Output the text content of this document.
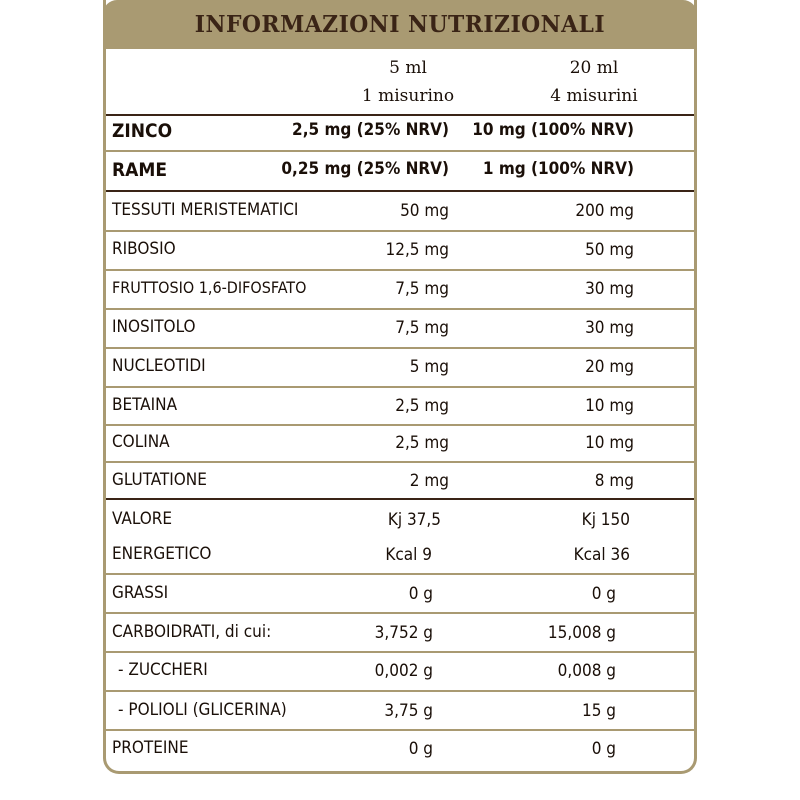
INFORMAZIONI NUTRIZIONALI
5 ml
1 misurino
20 ml
4 misurini
ZINCO	2,5 mg (25% NRV) 10 mg (100% NRV)
RAME	0,25 mg (25% NRV) 1 mg (100% NRV)
TESSUTI MERISTEMATICI	50 mg	200 mg
RIBOSIO	12,5 mg	50 mg
FRUTTOSIO 1,6-DIFOSFATO	7,5 mg	30 mg
INOSITOLO	7,5 mg	30 mg
NUCLEOTIDI	5 mg	20 mg
BETAINA	2,5 mg	10 mg
COLINA	2,5 mg	10 mg
GLUTATIONE	2 mg	8 mg
VALORE	Kj 37,5	Kj 150
ENERGETICO	Kcal 9	Kcal 36
GRASSI	0 g	0 g
CARBOIDRATI, di cui:	3,752 g	15,008 g
- ZUCCHERI	0,002 g	0,008 g
- POLIOLI (GLICERINA)	3,75 g	15 g
PROTEINE	0 g	0 g
